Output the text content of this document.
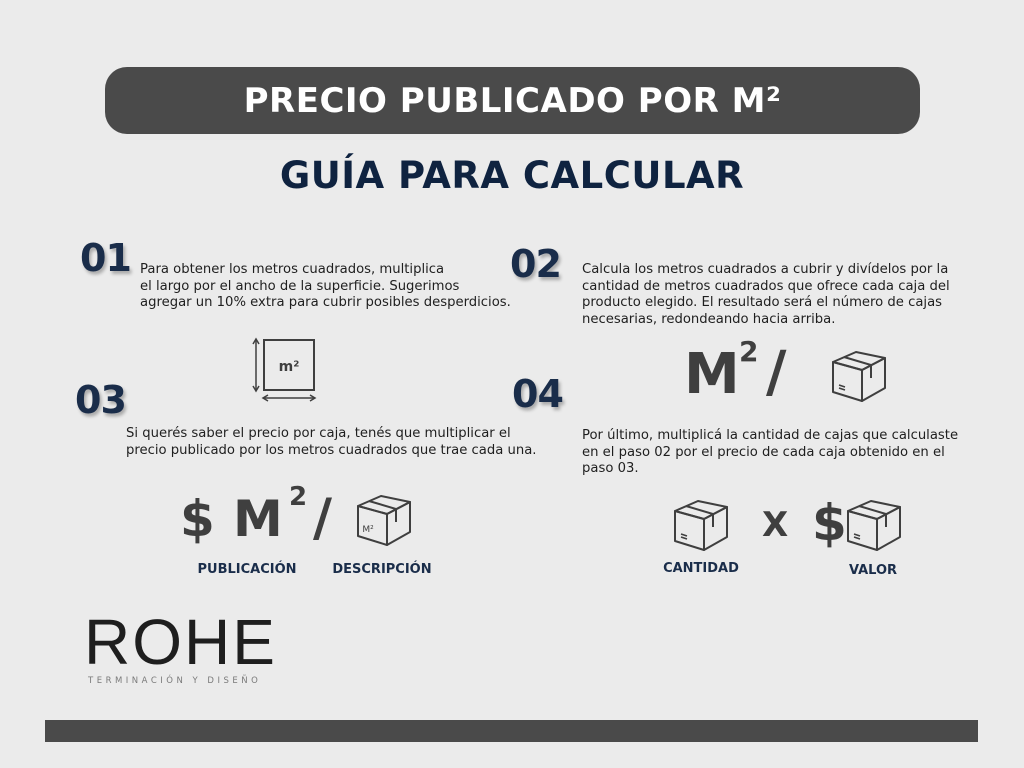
PRECIO PUBLICADO POR M²
GUÍA PARA CALCULAR
01 Para obtener los metros cuadrados, multiplica
el largo por el ancho de la superficie. Sugerimos
agregar un 10% extra para cubrir posibles desperdicios.
m²
03
Si querés saber el precio por caja, tenés que multiplicar el
precio publicado por los metros cuadrados que trae cada una.
$ M 2 /	M²
PUBLICACIÓN	DESCRIPCIÓN
02 Calcula los metros cuadrados a cubrir y divídelos por la
cantidad de metros cuadrados que ofrece cada caja del
producto elegido. El resultado será el número de cajas
necesarias, redondeando hacia arriba.
M 2 /
04
Por último, multiplicá la cantidad de cajas que calculaste
en el paso 02 por el precio de cada caja obtenido en el
paso 03.
X $
CANTIDAD	VALOR
ROHE
TERMINACIÓN Y DISEÑO
